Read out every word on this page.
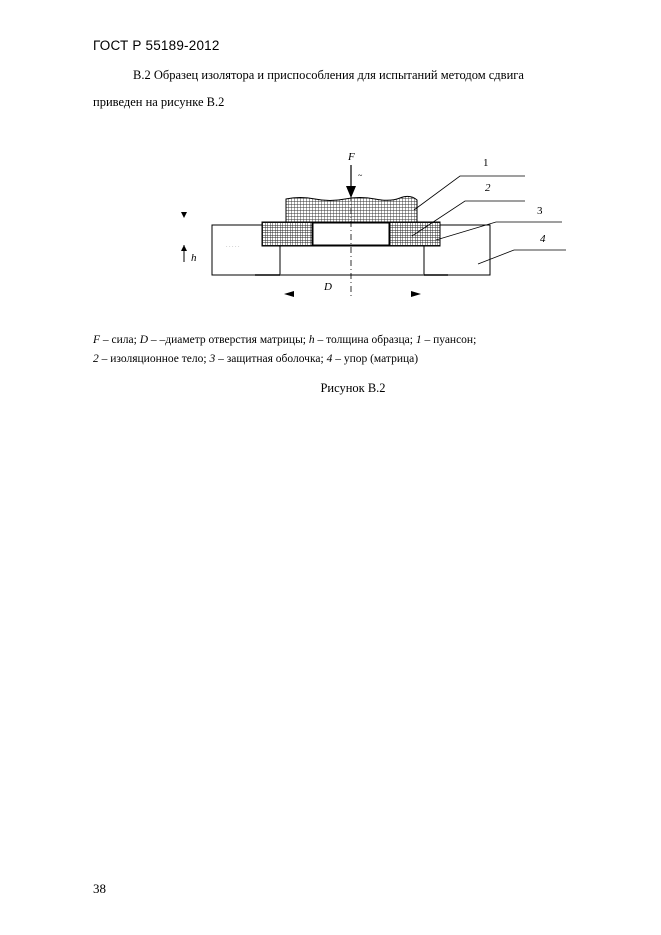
ГОСТ Р 55189-2012
В.2 Образец изолятора и приспособления для испытаний методом сдвига
приведен на рисунке В.2
. . . . .
F
~
h
D
1
2
3
4
F – сила; D – –диаметр отверстия матрицы; h – толщина образца; 1 – пуансон;
2 – изоляционное тело; 3 – защитная оболочка; 4 – упор (матрица)
Рисунок В.2
38
